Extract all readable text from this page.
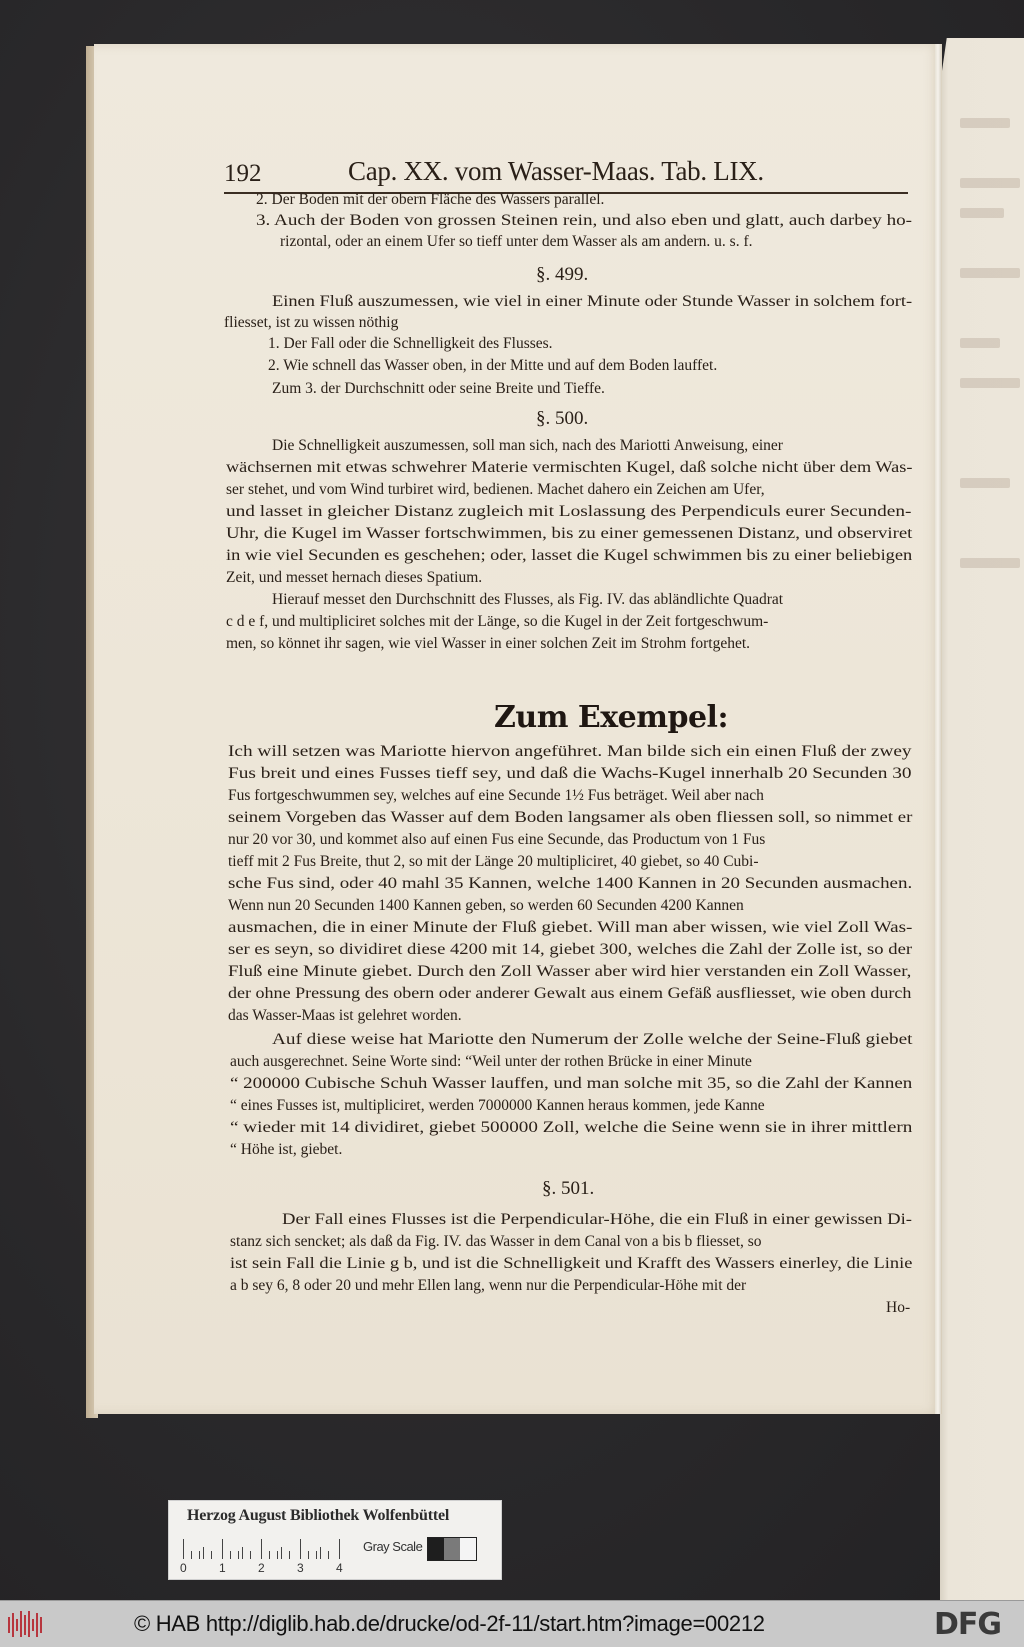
192	Cap. XX. vom Wasser-Maas. Tab. LIX.
2. Der Boden mit der obern Fläche des Wassers parallel.
3. Auch der Boden von grossen Steinen rein, und also eben und glatt, auch darbey ho-
rizontal, oder an einem Ufer so tieff unter dem Wasser als am andern. u. s. f.
§. 499.
Einen Fluß auszumessen, wie viel in einer Minute oder Stunde Wasser in solchem fort-
fliesset, ist zu wissen nöthig
1. Der Fall oder die Schnelligkeit des Flusses.
2. Wie schnell das Wasser oben, in der Mitte und auf dem Boden lauffet.
Zum 3. der Durchschnitt oder seine Breite und Tieffe.
§. 500.
Die Schnelligkeit auszumessen, soll man sich, nach des Mariotti Anweisung, einer
wächsernen mit etwas schwehrer Materie vermischten Kugel, daß solche nicht über dem Was-
ser stehet, und vom Wind turbiret wird, bedienen. Machet dahero ein Zeichen am Ufer,
und lasset in gleicher Distanz zugleich mit Loslassung des Perpendiculs eurer Secunden-
Uhr, die Kugel im Wasser fortschwimmen, bis zu einer gemessenen Distanz, und observiret
in wie viel Secunden es geschehen; oder, lasset die Kugel schwimmen bis zu einer beliebigen
Zeit, und messet hernach dieses Spatium.
Hierauf messet den Durchschnitt des Flusses, als Fig. IV. das abländlichte Quadrat
c d e f, und multipliciret solches mit der Länge, so die Kugel in der Zeit fortgeschwum-
men, so könnet ihr sagen, wie viel Wasser in einer solchen Zeit im Strohm fortgehet.
Zum Exempel:
Ich will setzen was Mariotte hiervon angeführet. Man bilde sich ein einen Fluß der zwey
Fus breit und eines Fusses tieff sey, und daß die Wachs-Kugel innerhalb 20 Secunden 30
Fus fortgeschwummen sey, welches auf eine Secunde 1½ Fus beträget. Weil aber nach
seinem Vorgeben das Wasser auf dem Boden langsamer als oben fliessen soll, so nimmet er
nur 20 vor 30, und kommet also auf einen Fus eine Secunde, das Productum von 1 Fus
tieff mit 2 Fus Breite, thut 2, so mit der Länge 20 multipliciret, 40 giebet, so 40 Cubi-
sche Fus sind, oder 40 mahl 35 Kannen, welche 1400 Kannen in 20 Secunden ausmachen.
Wenn nun 20 Secunden 1400 Kannen geben, so werden 60 Secunden 4200 Kannen
ausmachen, die in einer Minute der Fluß giebet. Will man aber wissen, wie viel Zoll Was-
ser es seyn, so dividiret diese 4200 mit 14, giebet 300, welches die Zahl der Zolle ist, so der
Fluß eine Minute giebet. Durch den Zoll Wasser aber wird hier verstanden ein Zoll Wasser,
der ohne Pressung des obern oder anderer Gewalt aus einem Gefäß ausfliesset, wie oben durch
das Wasser-Maas ist gelehret worden.
Auf diese weise hat Mariotte den Numerum der Zolle welche der Seine-Fluß giebet
auch ausgerechnet. Seine Worte sind: “Weil unter der rothen Brücke in einer Minute
“ 200000 Cubische Schuh Wasser lauffen, und man solche mit 35, so die Zahl der Kannen
“ eines Fusses ist, multipliciret, werden 7000000 Kannen heraus kommen, jede Kanne
“ wieder mit 14 dividiret, giebet 500000 Zoll, welche die Seine wenn sie in ihrer mittlern
“ Höhe ist, giebet.
§. 501.
Der Fall eines Flusses ist die Perpendicular-Höhe, die ein Fluß in einer gewissen Di-
stanz sich sencket; als daß da Fig. IV. das Wasser in dem Canal von a bis b fliesset, so
ist sein Fall die Linie g b, und ist die Schnelligkeit und Krafft des Wassers einerley, die Linie
a b sey 6, 8 oder 20 und mehr Ellen lang, wenn nur die Perpendicular-Höhe mit der
Ho-
Herzog August Bibliothek Wolfenbüttel
0	1	2	3	4
Gray Scale
© HAB http://diglib.hab.de/drucke/od-2f-11/start.htm?image=00212	DFG
